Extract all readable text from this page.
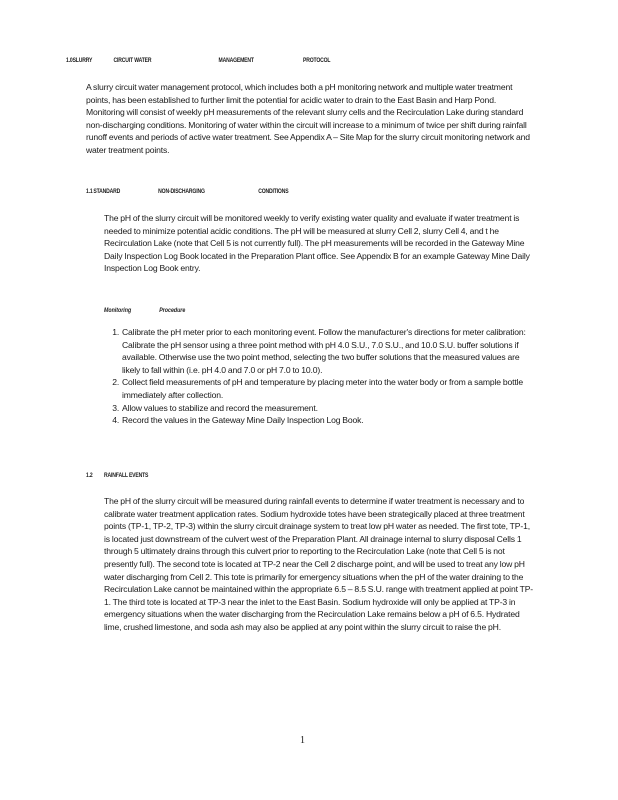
1.0SLURRY	CIRCUIT WATER	MANAGEMENT	PROTOCOL

A slurry circuit water management protocol, which includes both a pH monitoring network and multiple water treatment points, has been established to further limit the potential for acidic water to drain to the East Basin and Harp Pond. Monitoring will consist of weekly pH measurements of the relevant slurry cells and the Recirculation Lake during standard non-discharging conditions. Monitoring of water within the circuit will increase to a minimum of twice per shift during rainfall runoff events and periods of active water treatment. See Appendix A – Site Map for the slurry circuit monitoring network and water treatment points.

1.1STANDARD	NON-DISCHARGING	CONDITIONS

The pH of the slurry circuit will be monitored weekly to verify existing water quality and evaluate if water treatment is needed to minimize potential acidic conditions. The pH will be measured at slurry Cell 2, slurry Cell 4, and t he Recirculation Lake (note that Cell 5 is not currently full). The pH measurements will be recorded in the Gateway Mine Daily Inspection Log Book located in the Preparation Plant office. See Appendix B for an example Gateway Mine Daily Inspection Log Book entry.

Monitoring	Procedure
1. Calibrate the pH meter prior to each monitoring event. Follow the manufacturer's directions for meter calibration: Calibrate the pH sensor using a three point method with pH 4.0 S.U., 7.0 S.U., and 10.0 S.U. buffer solutions if available. Otherwise use the two point method, selecting the two buffer solutions that the measured values are likely to fall within (i.e. pH 4.0 and 7.0 or pH 7.0 to 10.0).
2. Collect field measurements of pH and temperature by placing meter into the water body or from a sample bottle immediately after collection.
3. Allow values to stabilize and record the measurement.
4. Record the values in the Gateway Mine Daily Inspection Log Book.
1.2 RAINFALL EVENTS

The pH of the slurry circuit will be measured during rainfall events to determine if water treatment is necessary and to calibrate water treatment application rates. Sodium hydroxide totes have been strategically placed at three treatment points (TP-1, TP-2, TP-3) within the slurry circuit drainage system to treat low pH water as needed. The first tote, TP-1, is located just downstream of the culvert west of the Preparation Plant. All drainage internal to slurry disposal Cells 1 through 5 ultimately drains through this culvert prior to reporting to the Recirculation Lake (note that Cell 5 is not presently full). The second tote is located at TP-2 near the Cell 2 discharge point, and will be used to treat any low pH water discharging from Cell 2. This tote is primarily for emergency situations when the pH of the water draining to the Recirculation Lake cannot be maintained within the appropriate 6.5 – 8.5 S.U. range with treatment applied at point TP-1. The third tote is located at TP-3 near the inlet to the East Basin. Sodium hydroxide will only be applied at TP-3 in emergency situations when the water discharging from the Recirculation Lake remains below a pH of 6.5. Hydrated lime, crushed limestone, and soda ash may also be applied at any point within the slurry circuit to raise the pH.

1
